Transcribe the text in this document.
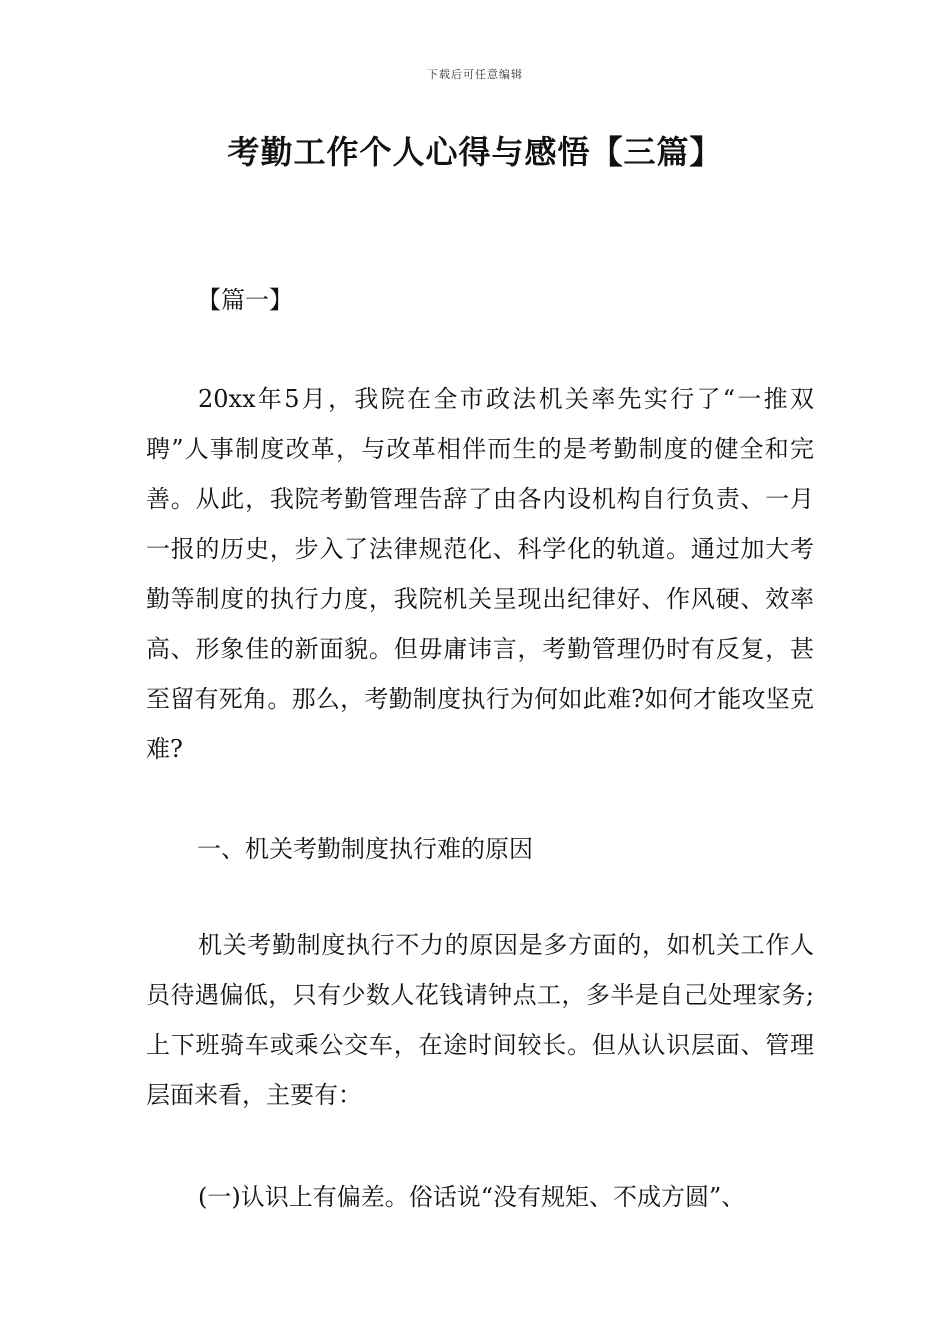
下载后可任意编辑
考勤工作个人心得与感悟【三篇】
【篇一】

20xx年5月，我院在全市政法机关率先实行了“一推双聘”人事制度改革，与改革相伴而生的是考勤制度的健全和完善。从此，我院考勤管理告辞了由各内设机构自行负责、一月一报的历史，步入了法律规范化、科学化的轨道。通过加大考勤等制度的执行力度，我院机关呈现出纪律好、作风硬、效率高、形象佳的新面貌。但毋庸讳言，考勤管理仍时有反复，甚至留有死角。那么，考勤制度执行为何如此难?如何才能攻坚克难?

一、机关考勤制度执行难的原因

机关考勤制度执行不力的原因是多方面的，如机关工作人员待遇偏低，只有少数人花钱请钟点工，多半是自己处理家务;上下班骑车或乘公交车，在途时间较长。但从认识层面、管理层面来看，主要有：

(一)认识上有偏差。俗话说“没有规矩、不成方圆”、
